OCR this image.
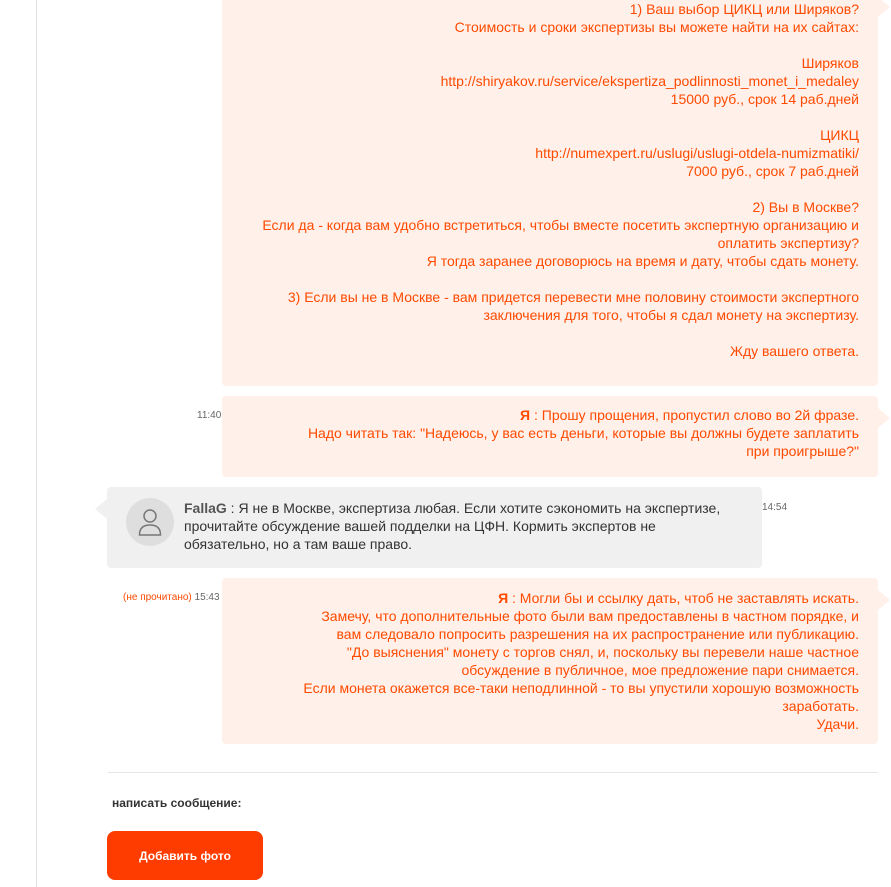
1) Ваш выбор ЦИКЦ или Ширяков?
Стоимость и сроки экспертизы вы можете найти на их сайтах:
Ширяков
http://shiryakov.ru/service/ekspertiza_podlinnosti_monet_i_medaley
15000 руб., срок 14 раб.дней
ЦИКЦ
http://numexpert.ru/uslugi/uslugi-otdela-numizmatiki/
7000 руб., срок 7 раб.дней
2) Вы в Москве?
Если да - когда вам удобно встретиться, чтобы вместе посетить экспертную организацию и
оплатить экспертизу?
Я тогда заранее договорюсь на время и дату, чтобы сдать монету.
3) Если вы не в Москве - вам придется перевести мне половину стоимости экспертного
заключения для того, чтобы я сдал монету на экспертизу.
Жду вашего ответа.
11:40	Я : Прошу прощения, пропустил слово во 2й фразе.
Надо читать так: "Надеюсь, у вас есть деньги, которые вы должны будете заплатить
при проигрыше?"
FallaG : Я не в Москве, экспертиза любая. Если хотите сэкономить на экспертизе,
прочитайте обсуждение вашей подделки на ЦФН. Кормить экспертов не
обязательно, но а там ваше право.
14:54
(не прочитано) 15:43	Я : Могли бы и ссылку дать, чтоб не заставлять искать.
Замечу, что дополнительные фото были вам предоставлены в частном порядке, и
вам следовало попросить разрешения на их распространение или публикацию.
"До выяснения" монету с торгов снял, и, поскольку вы перевели наше частное
обсуждение в публичное, мое предложение пари снимается.
Если монета окажется все-таки неподлинной - то вы упустили хорошую возможность
заработать.
Удачи.
написать сообщение:
Добавить фото
